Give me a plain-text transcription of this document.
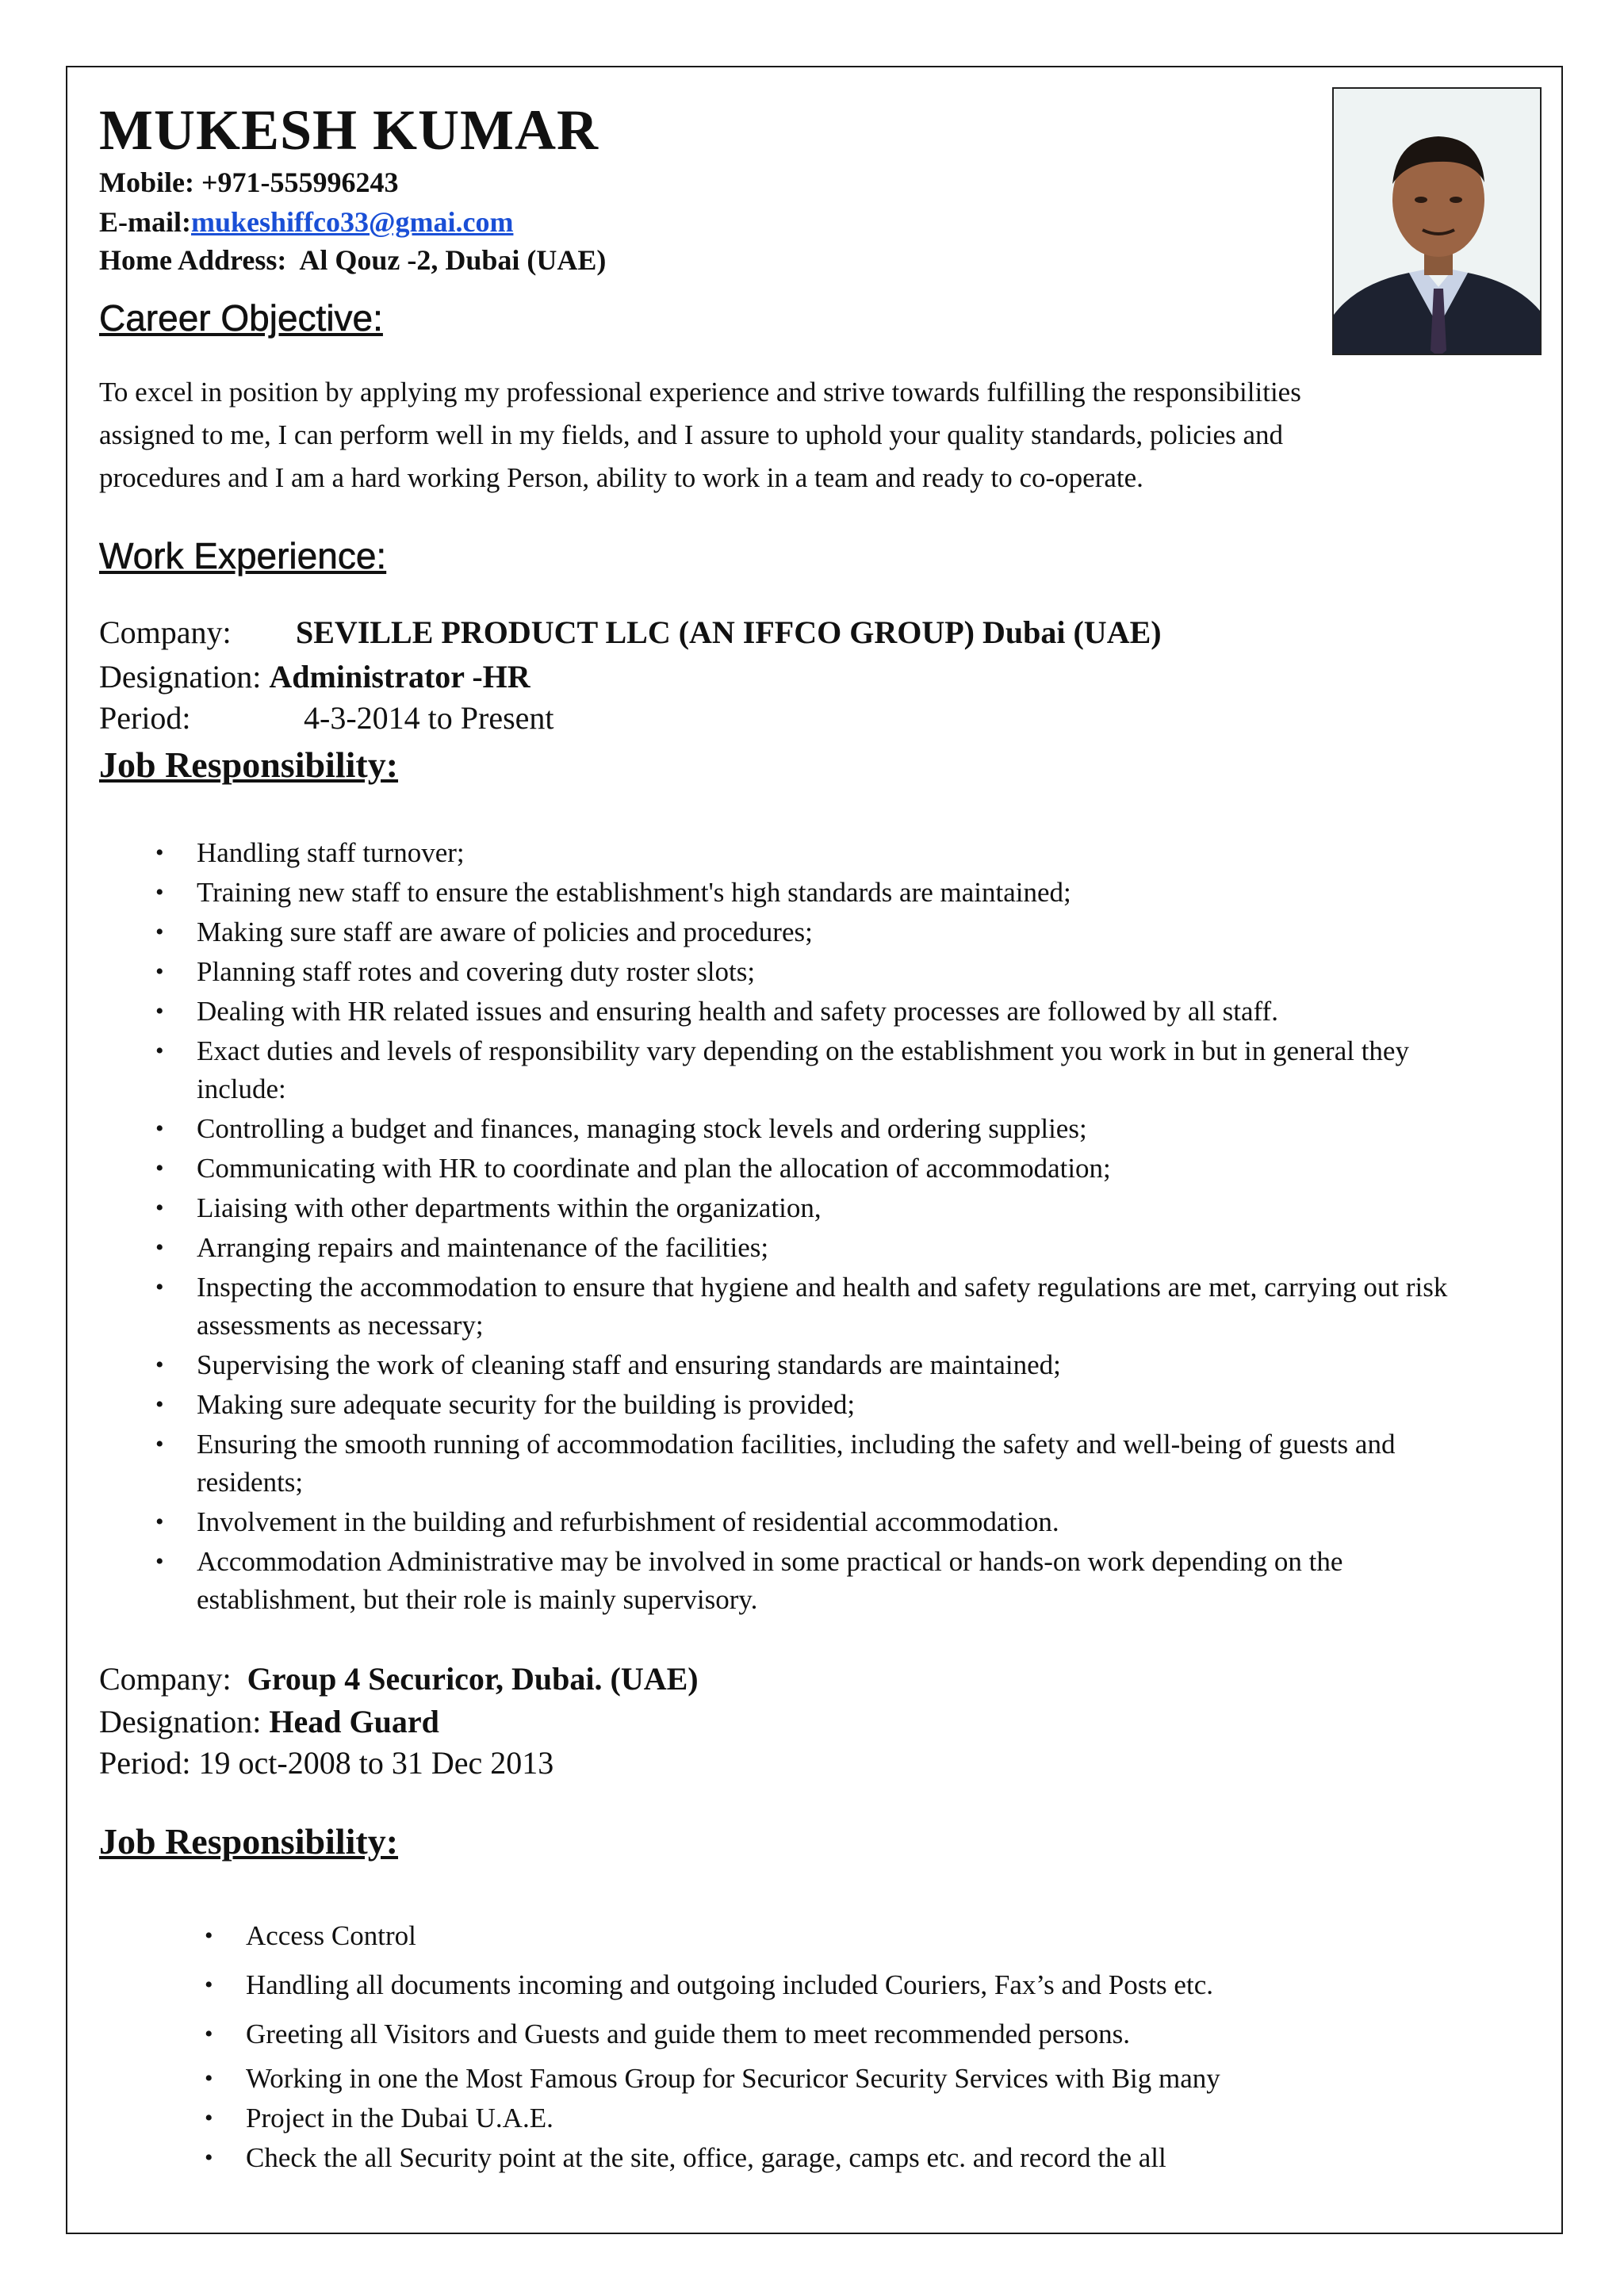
MUKESH KUMAR
Mobile: +971-555996243
E-mail:mukeshiffco33@gmai.com
Home Address: Al Qouz -2, Dubai (UAE)
Career Objective:
To excel in position by applying my professional experience and strive towards fulfilling the responsibilities
assigned to me, I can perform well in my fields, and I assure to uphold your quality standards, policies and
procedures and I am a hard working Person, ability to work in a team and ready to co-operate.
Work Experience:
Company: SEVILLE PRODUCT LLC (AN IFFCO GROUP) Dubai (UAE)
Designation: Administrator -HR
Period:	4-3-2014 to Present
Job Responsibility:
• Handling staff turnover;
• Training new staff to ensure the establishment's high standards are maintained;
• Making sure staff are aware of policies and procedures;
• Planning staff rotes and covering duty roster slots;
• Dealing with HR related issues and ensuring health and safety processes are followed by all staff.
• Exact duties and levels of responsibility vary depending on the establishment you work in but in general they include:
• Controlling a budget and finances, managing stock levels and ordering supplies;
• Communicating with HR to coordinate and plan the allocation of accommodation;
• Liaising with other departments within the organization,
• Arranging repairs and maintenance of the facilities;
• Inspecting the accommodation to ensure that hygiene and health and safety regulations are met, carrying out risk assessments as necessary;
• Supervising the work of cleaning staff and ensuring standards are maintained;
• Making sure adequate security for the building is provided;
• Ensuring the smooth running of accommodation facilities, including the safety and well-being of guests and residents;
• Involvement in the building and refurbishment of residential accommodation.
• Accommodation Administrative may be involved in some practical or hands-on work depending on the establishment, but their role is mainly supervisory.
Company: Group 4 Securicor, Dubai. (UAE)
Designation: Head Guard
Period: 19 oct-2008 to 31 Dec 2013
Job Responsibility:
• Access Control
• Handling all documents incoming and outgoing included Couriers, Fax’s and Posts etc.
• Greeting all Visitors and Guests and guide them to meet recommended persons.
• Working in one the Most Famous Group for Securicor Security Services with Big many
• Project in the Dubai U.A.E.
• Check the all Security point at the site, office, garage, camps etc. and record the all
